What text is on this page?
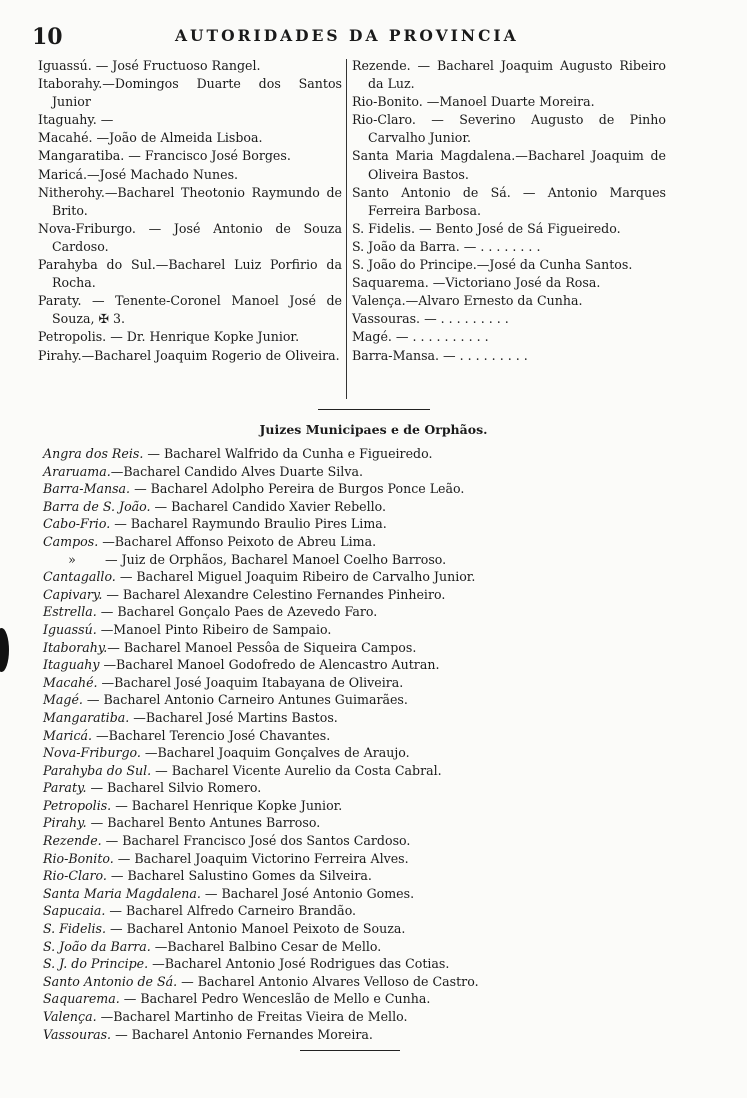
10	AUTORIDADES DA PROVINCIA
Iguassú. — José Fructuoso Rangel.
Itaborahy.—Domingos Duarte dos Santos Junior
Itaguahy. —
Macahé. —João de Almeida Lisboa.
Mangaratiba. — Francisco José Borges.
Maricá.—José Machado Nunes.
Nitherohy.—Bacharel Theotonio Raymundo de Brito.
Nova-Friburgo. — José Antonio de Souza Cardoso.
Parahyba do Sul.—Bacharel Luiz Porfirio da Rocha.
Paraty. — Tenente-Coronel Manoel José de Souza, ✠ 3.
Petropolis. — Dr. Henrique Kopke Junior.
Pirahy.—Bacharel Joaquim Rogerio de Oliveira.
Rezende. — Bacharel Joaquim Augusto Ribeiro da Luz.
Rio-Bonito. —Manoel Duarte Moreira.
Rio-Claro. — Severino Augusto de Pinho Carvalho Junior.
Santa Maria Magdalena.—Bacharel Joaquim de Oliveira Bastos.
Santo Antonio de Sá. — Antonio Marques Ferreira Barbosa.
S. Fidelis. — Bento José de Sá Figueiredo.
S. João da Barra. — . . . . . . . .
S. João do Principe.—José da Cunha Santos.
Saquarema. —Victoriano José da Rosa.
Valença.—Alvaro Ernesto da Cunha.
Vassouras. — . . . . . . . . .
Magé. — . . . . . . . . . .
Barra-Mansa. — . . . . . . . . .
Juizes Municipaes e de Orphãos.
Angra dos Reis. — Bacharel Walfrido da Cunha e Figueiredo.
Araruama.—Bacharel Candido Alves Duarte Silva.
Barra-Mansa. — Bacharel Adolpho Pereira de Burgos Ponce Leão.
Barra de S. João. — Bacharel Candido Xavier Rebello.
Cabo-Frio. — Bacharel Raymundo Braulio Pires Lima.
Campos. —Bacharel Affonso Peixoto de Abreu Lima.
» — Juiz de Orphãos, Bacharel Manoel Coelho Barroso.
Cantagallo. — Bacharel Miguel Joaquim Ribeiro de Carvalho Junior.
Capivary. — Bacharel Alexandre Celestino Fernandes Pinheiro.
Estrella. — Bacharel Gonçalo Paes de Azevedo Faro.
Iguassú. —Manoel Pinto Ribeiro de Sampaio.
Itaborahy.— Bacharel Manoel Pessôa de Siqueira Campos.
Itaguahy —Bacharel Manoel Godofredo de Alencastro Autran.
Macahé. —Bacharel José Joaquim Itabayana de Oliveira.
Magé. — Bacharel Antonio Carneiro Antunes Guimarães.
Mangaratiba. —Bacharel José Martins Bastos.
Maricá. —Bacharel Terencio José Chavantes.
Nova-Friburgo. —Bacharel Joaquim Gonçalves de Araujo.
Parahyba do Sul. — Bacharel Vicente Aurelio da Costa Cabral.
Paraty. — Bacharel Silvio Romero.
Petropolis. — Bacharel Henrique Kopke Junior.
Pirahy. — Bacharel Bento Antunes Barroso.
Rezende. — Bacharel Francisco José dos Santos Cardoso.
Rio-Bonito. — Bacharel Joaquim Victorino Ferreira Alves.
Rio-Claro. — Bacharel Salustino Gomes da Silveira.
Santa Maria Magdalena. — Bacharel José Antonio Gomes.
Sapucaia. — Bacharel Alfredo Carneiro Brandão.
S. Fidelis. — Bacharel Antonio Manoel Peixoto de Souza.
S. João da Barra. —Bacharel Balbino Cesar de Mello.
S. J. do Principe. —Bacharel Antonio José Rodrigues das Cotias.
Santo Antonio de Sá. — Bacharel Antonio Alvares Velloso de Castro.
Saquarema. — Bacharel Pedro Wenceslão de Mello e Cunha.
Valença. —Bacharel Martinho de Freitas Vieira de Mello.
Vassouras. — Bacharel Antonio Fernandes Moreira.
